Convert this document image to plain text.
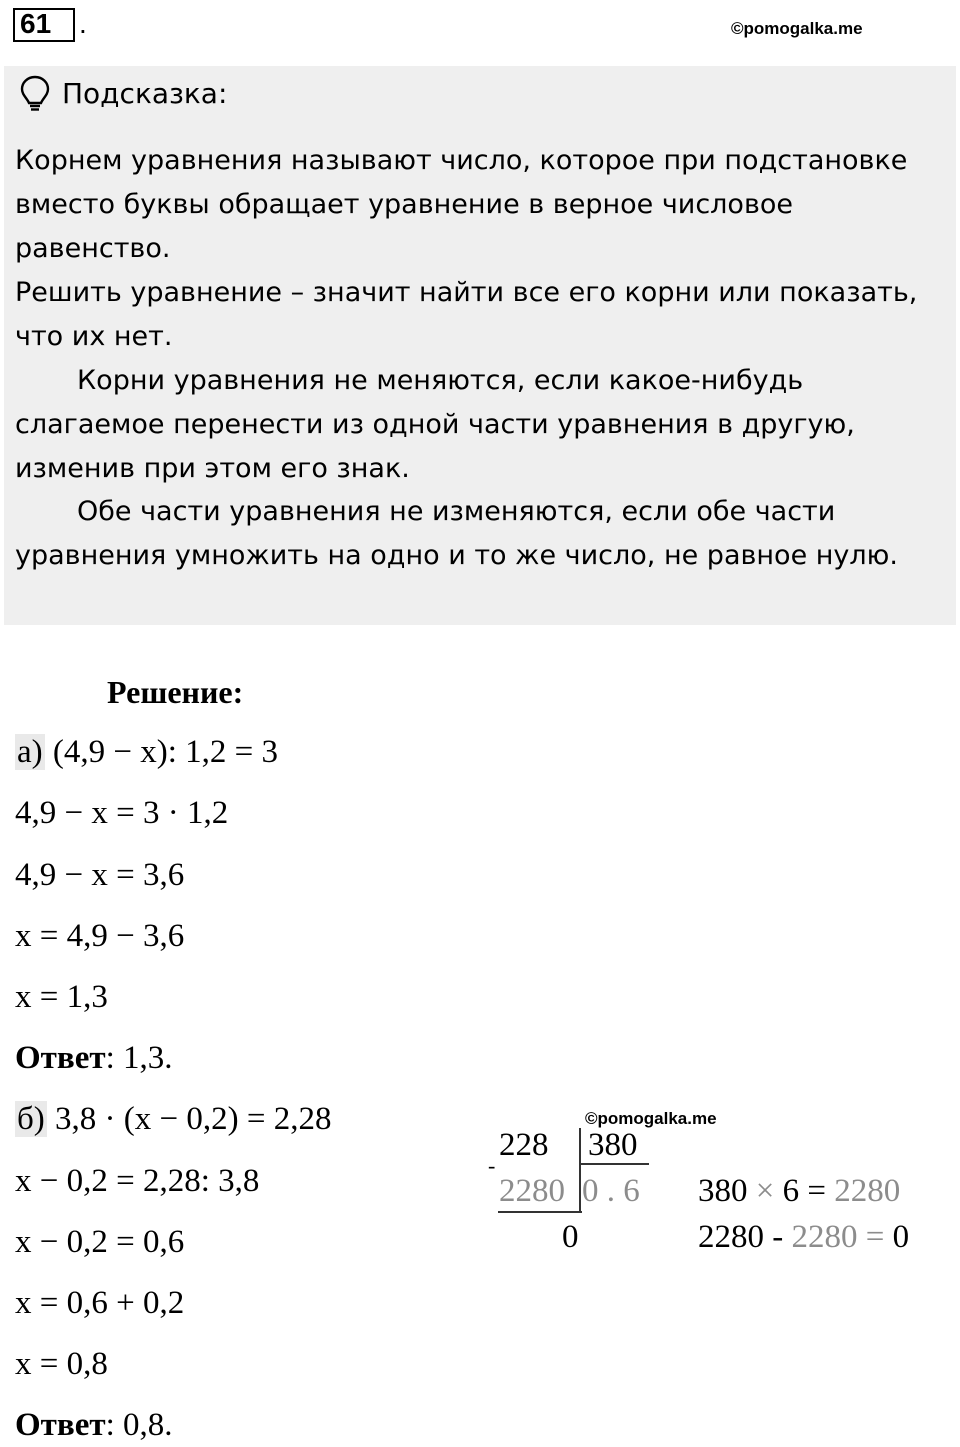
61 .	©pomogalka.me
Подсказка:

Корнем уравнения называют число, которое при подстановке вместо буквы обращает уравнение в верное числовое равенство.

Решить уравнение – значит найти все его корни или показать, что их нет.

Корни уравнения не меняются, если какое-нибудь слагаемое перенести из одной части уравнения в другую, изменив при этом его знак.

Обе части уравнения не изменяются, если обе части уравнения умножить на одно и то же число, не равное нулю.

Решение:
а) (4,9 − x): 1,2 = 3
4,9 − x = 3 · 1,2
4,9 − x = 3,6
x = 4,9 − 3,6
x = 1,3
Ответ: 1,3.
б) 3,8 · (x − 0,2) = 2,28
x − 0,2 = 2,28: 3,8
x − 0,2 = 0,6
x = 0,6 + 0,2
x = 0,8
Ответ: 0,8.
©pomogalka.me
228 380
-
2280 0 . 6
0
380 × 6 = 2280
2280 - 2280 = 0
